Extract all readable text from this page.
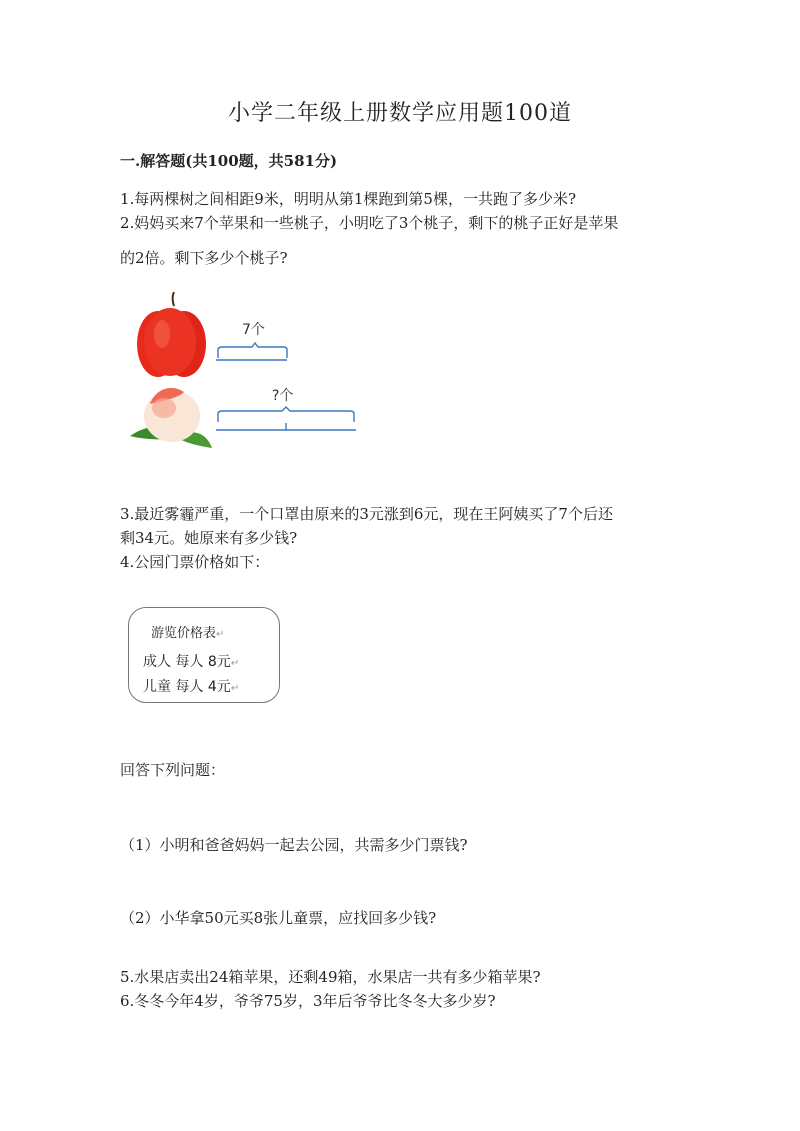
小学二年级上册数学应用题100道
一.解答题(共100题，共581分)
1.每两棵树之间相距9米，明明从第1棵跑到第5棵，一共跑了多少米?
2.妈妈买来7个苹果和一些桃子，小明吃了3个桃子，剩下的桃子正好是苹果
的2倍。剩下多少个桃子?
7个
?个
3.最近雾霾严重，一个口罩由原来的3元涨到6元，现在王阿姨买了7个后还
剩34元。她原来有多少钱?
4.公园门票价格如下：
游览价格表↵
成人 每人 8元↵
儿童 每人 4元↵
回答下列问题：
（1）小明和爸爸妈妈一起去公园，共需多少门票钱?
（2）小华拿50元买8张儿童票，应找回多少钱?
5.水果店卖出24箱苹果，还剩49箱，水果店一共有多少箱苹果?
6.冬冬今年4岁，爷爷75岁，3年后爷爷比冬冬大多少岁?
